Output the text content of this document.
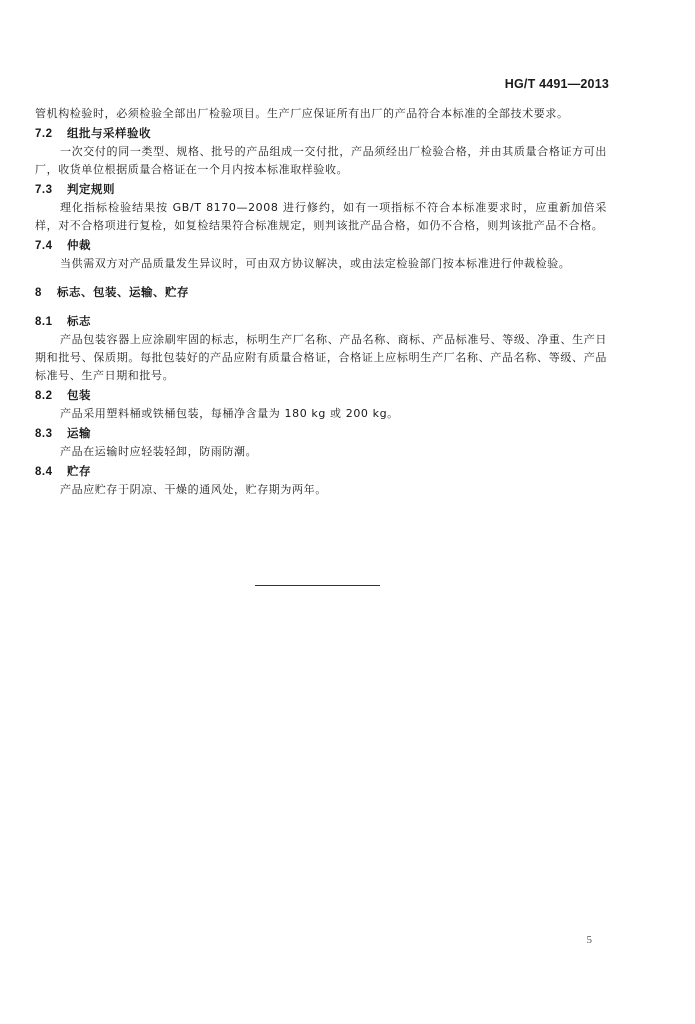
HG/T 4491—2013

管机构检验时，必须检验全部出厂检验项目。生产厂应保证所有出厂的产品符合本标准的全部技术要求。

7.2 组批与采样验收

一次交付的同一类型、规格、批号的产品组成一交付批，产品须经出厂检验合格，并由其质量合格证方可出厂，收货单位根据质量合格证在一个月内按本标准取样验收。

7.3 判定规则

理化指标检验结果按 GB/T 8170—2008 进行修约，如有一项指标不符合本标准要求时，应重新加倍采样，对不合格项进行复检，如复检结果符合标准规定，则判该批产品合格，如仍不合格，则判该批产品不合格。

7.4 仲裁

当供需双方对产品质量发生异议时，可由双方协议解决，或由法定检验部门按本标准进行仲裁检验。

8 标志、包装、运输、贮存
8.1 标志

产品包装容器上应涂刷牢固的标志，标明生产厂名称、产品名称、商标、产品标准号、等级、净重、生产日期和批号、保质期。每批包装好的产品应附有质量合格证，合格证上应标明生产厂名称、产品名称、等级、产品标准号、生产日期和批号。

8.2 包装

产品采用塑料桶或铁桶包装，每桶净含量为 180 kg 或 200 kg。

8.3 运输

产品在运输时应轻装轻卸，防雨防潮。

8.4 贮存

产品应贮存于阴凉、干燥的通风处，贮存期为两年。

5
